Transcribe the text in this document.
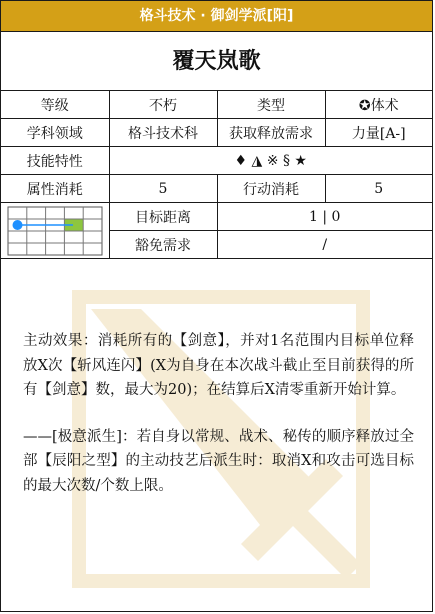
格斗技术 · 御剑学派[阳]
覆天岚歌
等级	不朽	类型	✪体术
学科领域	格斗技术科	获取释放需求	力量[A-]
技能特性	♦ ◮ ※ § ★		
属性消耗	5	行动消耗	5
	目标距离	1 | 0	
	豁免需求	/	

主动效果：消耗所有的【剑意】，并对1名范围内目标单位释放X次【斩风连闪】(X为自身在本次战斗截止至目前获得的所有【剑意】数，最大为20)；在结算后X清零重新开始计算。

——[极意派生]：若自身以常规、战术、秘传的顺序释放过全部【辰阳之型】的主动技艺后派生时：取消X和攻击可选目标的最大次数/个数上限。
